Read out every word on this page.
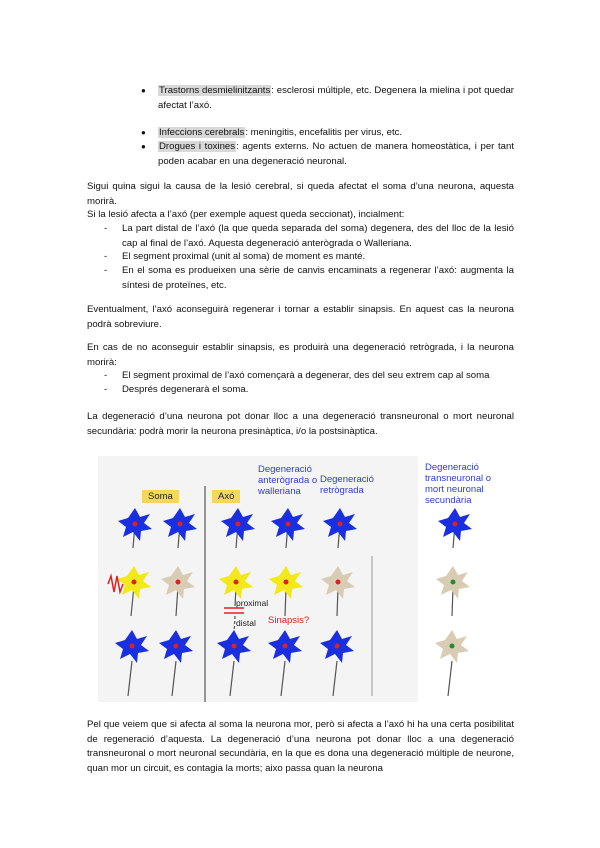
● Trastorns desmielinitzants: esclerosi múltiple, etc. Degenera la mielina i pot quedar afectat l’axó.
● Infeccions cerebrals: meningitis, encefalitis per virus, etc.
● Drogues i toxines: agents externs. No actuen de manera homeostàtica, i per tant poden acabar en una degeneració neuronal.
Sigui quina sigui la causa de la lesió cerebral, si queda afectat el soma d’una neurona, aquesta morirà.
Si la lesió afecta a l’axó (per exemple aquest queda seccionat), incialment:
- La part distal de l’axó (la que queda separada del soma) degenera, des del lloc de la lesió cap al final de l’axó. Aquesta degeneració anterògrada o Walleriana.
- El segment proximal (unit al soma) de moment es manté.
- En el soma es produeixen una sèrie de canvis encaminats a regenerar l’axó: augmenta la síntesi de proteïnes, etc.
Eventualment, l’axó aconseguirà regenerar i tornar a establir sinapsis. En aquest cas la neurona podrà sobreviure.
En cas de no aconseguir establir sinapsis, es produirà una degeneració retrògrada, i la neurona morirà:
- El segment proximal de l’axó començarà a degenerar, des del seu extrem cap al soma
- Després degenerarà el soma.
La degeneració d’una neurona pot donar lloc a una degeneració transneuronal o mort neuronal secundària: podrà morir la neurona presinàptica, i/o la postsinàptica.
Soma	Axó
Degeneració
anterògrada o
walleriana
Degeneració
retrògrada
Degeneració
transneuronal o
mort neuronal
secundària
proximal
distal Sinapsis?
Pel que veiem que si afecta al soma la neurona mor, però si afecta a l’axó hi ha una certa posibilitat de regeneració d’aquesta. La degeneració d’una neurona pot donar lloc a una degeneració transneuronal o mort neuronal secundària, en la que es dona una degeneració múltiple de neurone, quan mor un circuit, es contagia la morts; aixo passa quan la neurona
